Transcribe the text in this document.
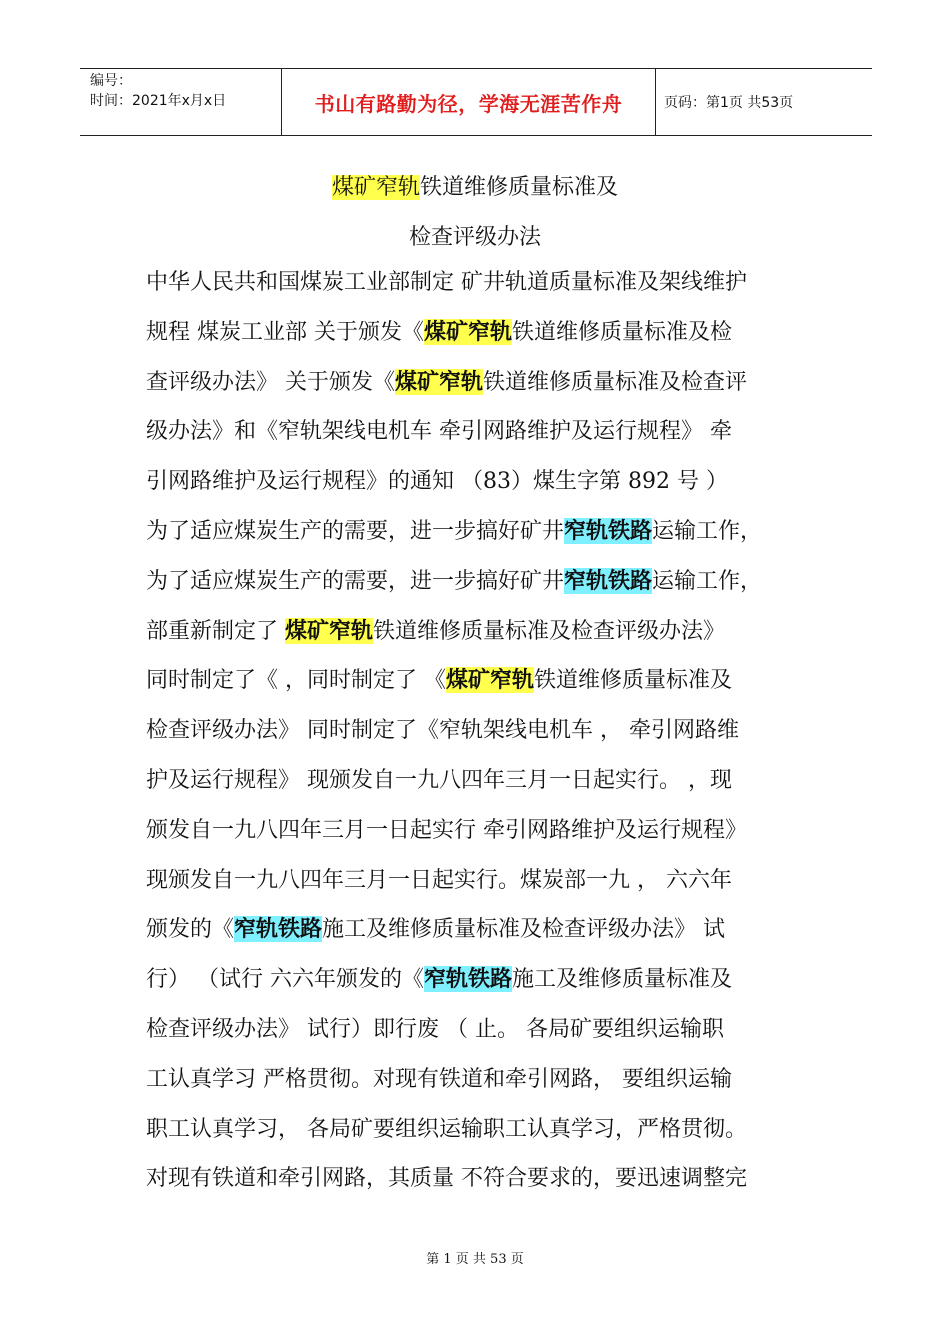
编号：
时间：2021年x月x日	书山有路勤为径，学海无涯苦作舟	页码：第1页 共53页
煤矿窄轨铁道维修质量标准及
检查评级办法
中华人民共和国煤炭工业部制定 矿井轨道质量标准及架线维护
规程 煤炭工业部 关于颁发《煤矿窄轨铁道维修质量标准及检
查评级办法》 关于颁发《煤矿窄轨铁道维修质量标准及检查评
级办法》和《窄轨架线电机车 牵引网路维护及运行规程》 牵
引网路维护及运行规程》的通知 （83）煤生字第 892 号 ）
为了适应煤炭生产的需要，进一步搞好矿井窄轨铁路运输工作，
为了适应煤炭生产的需要，进一步搞好矿井窄轨铁路运输工作，
部重新制定了 煤矿窄轨铁道维修质量标准及检查评级办法》
同时制定了《 ，同时制定了 《煤矿窄轨铁道维修质量标准及
检查评级办法》 同时制定了《窄轨架线电机车 ， 牵引网路维
护及运行规程》 现颁发自一九八四年三月一日起实行。 ，现
颁发自一九八四年三月一日起实行 牵引网路维护及运行规程》
现颁发自一九八四年三月一日起实行。煤炭部一九 ， 六六年
颁发的《窄轨铁路施工及维修质量标准及检查评级办法》 试
行） （试行 六六年颁发的《窄轨铁路施工及维修质量标准及
检查评级办法》 试行）即行废 （ 止。 各局矿要组织运输职
工认真学习 严格贯彻。对现有铁道和牵引网路， 要组织运输
职工认真学习， 各局矿要组织运输职工认真学习，严格贯彻。
对现有铁道和牵引网路，其质量 不符合要求的，要迅速调整完
第 1 页 共 53 页
